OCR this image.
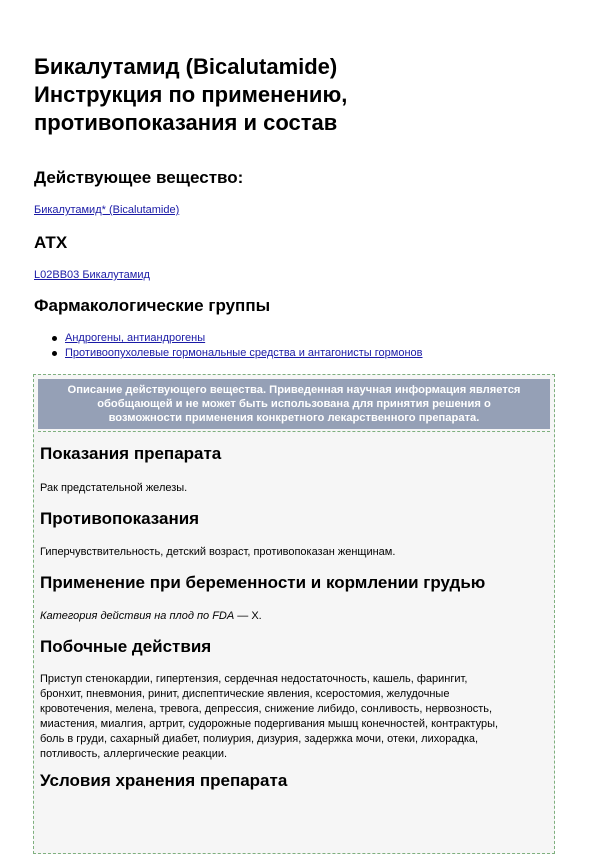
Бикалутамид (Bicalutamide)
Инструкция по применению,
противопоказания и состав
Действующее вещество:
Бикалутамид* (Bicalutamide)
АТХ
L02BB03 Бикалутамид
Фармакологические группы
Андрогены, антиандрогены
Противоопухолевые гормональные средства и антагонисты гормонов
Описание действующего вещества. Приведенная научная информация является
обобщающей и не может быть использована для принятия решения о
возможности применения конкретного лекарственного препарата.
Показания препарата

Рак предстательной железы.

Противопоказания

Гиперчувствительность, детский возраст, противопоказан женщинам.

Применение при беременности и кормлении грудью

Категория действия на плод по FDA — X.

Побочные действия

Приступ стенокардии, гипертензия, сердечная недостаточность, кашель, фарингит,
бронхит, пневмония, ринит, диспептические явления, ксеростомия, желудочные
кровотечения, мелена, тревога, депрессия, снижение либидо, сонливость, нервозность,
миастения, миалгия, артрит, судорожные подергивания мышц конечностей, контрактуры,
боль в груди, сахарный диабет, полиурия, дизурия, задержка мочи, отеки, лихорадка,
потливость, аллергические реакции.

Условия хранения препарата
